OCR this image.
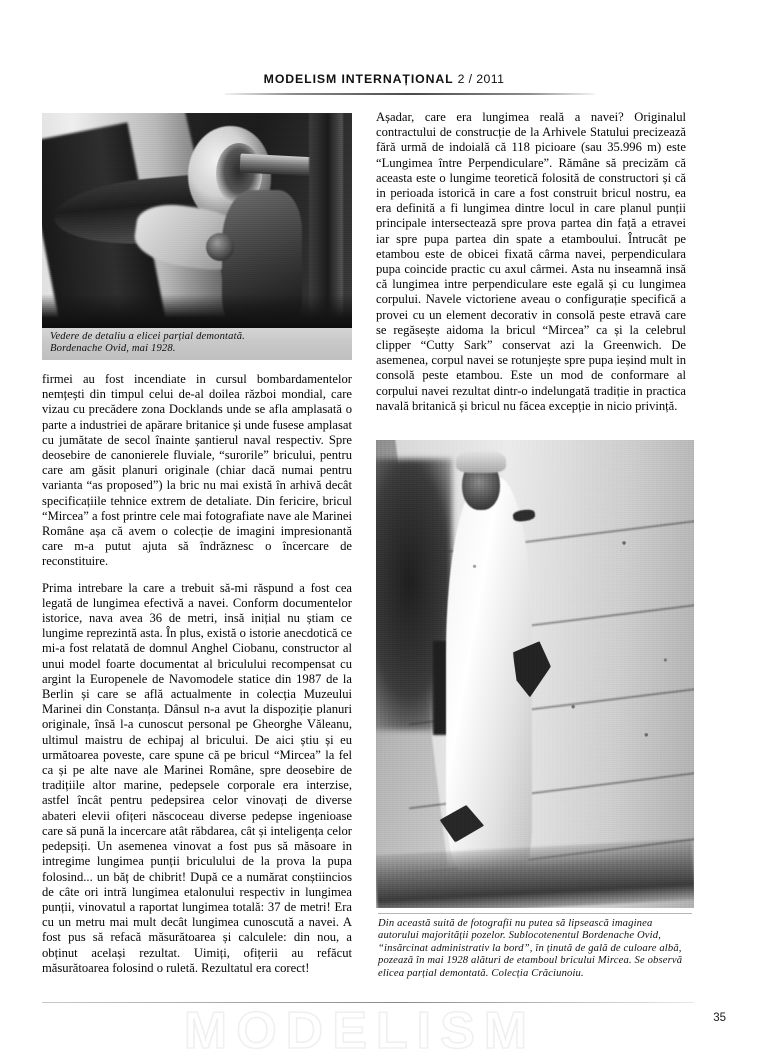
MODELISM INTERNAȚIONAL 2 / 2011
Vedere de detaliu a elicei parțial demontată.
Bordenache Ovid, mai 1928.

firmei au fost incendiate in cursul bombardamentelor nemțești din timpul celui de-al doilea război mondial, care vizau cu precădere zona Docklands unde se afla amplasată o parte a industriei de apărare britanice și unde fusese amplasat cu jumătate de secol înainte șantierul naval respectiv. Spre deosebire de canonierele fluviale, “surorile” bricului, pentru care am găsit planuri originale (chiar dacă numai pentru varianta “as proposed”) la bric nu mai există în arhivă decât specificațiile tehnice extrem de detaliate. Din fericire, bricul “Mircea” a fost printre cele mai fotografiate nave ale Marinei Române așa că avem o colecție de imagini impresionantă care m-a putut ajuta să îndrăznesc o încercare de reconstituire.

Prima intrebare la care a trebuit să-mi răspund a fost cea legată de lungimea efectivă a navei. Conform documentelor istorice, nava avea 36 de metri, insă inițial nu știam ce lungime reprezintă asta. În plus, există o istorie anecdotică ce mi-a fost relatată de domnul Anghel Ciobanu, constructor al unui model foarte documentat al briculului recompensat cu argint la Europenele de Navomodele statice din 1987 de la Berlin și care se află actualmente in colecția Muzeului Marinei din Constanța. Dânsul n-a avut la dispoziție planuri originale, însă l-a cunoscut personal pe Gheorghe Văleanu, ultimul maistru de echipaj al bricului. De aici știu și eu următoarea poveste, care spune că pe bricul “Mircea” la fel ca și pe alte nave ale Marinei Române, spre deosebire de tradițiile altor marine, pedepsele corporale era interzise, astfel încât pentru pedepsirea celor vinovați de diverse abateri elevii ofițeri născoceau diverse pedepse ingenioase care să pună la incercare atât răbdarea, cât și inteligența celor pedepsiți. Un asemenea vinovat a fost pus să măsoare in intregime lungimea punții briculului de la prova la pupa folosind... un băț de chibrit! După ce a numărat conștiincios de câte ori intră lungimea etalonului respectiv in lungimea punții, vinovatul a raportat lungimea totală: 37 de metri! Era cu un metru mai mult decât lungimea cunoscută a navei. A fost pus să refacă măsurătoarea și calculele: din nou, a obținut același rezultat. Uimiți, ofițerii au refăcut măsurătoarea folosind o ruletă. Rezultatul era corect!

Așadar, care era lungimea reală a navei? Originalul contractului de construcție de la Arhivele Statului precizează fără urmă de indoială că 118 picioare (sau 35.996 m) este “Lungimea între Perpendiculare”. Rămâne să precizăm că aceasta este o lungime teoretică folosită de constructori și că in perioada istorică in care a fost construit bricul nostru, ea era definită a fi lungimea dintre locul in care planul punții principale intersectează spre prova partea din față a etravei iar spre pupa partea din spate a etamboului. Întrucât pe etambou este de obicei fixată cârma navei, perpendiculara pupa coincide practic cu axul cârmei. Asta nu inseamnă insă că lungimea intre perpendiculare este egală și cu lungimea corpului. Navele victoriene aveau o configurație specifică a provei cu un element decorativ in consolă peste etravă care se regăsește aidoma la bricul “Mircea” ca și la celebrul clipper “Cutty Sark” conservat azi la Greenwich. De asemenea, corpul navei se rotunjește spre pupa ieșind mult in consolă peste etambou. Este un mod de conformare al corpului navei rezultat dintr-o indelungată tradiție in practica navală britanică și bricul nu făcea excepție in nicio privință.

Din această suită de fotografii nu putea să lipsească imaginea autorului majorității pozelor. Sublocotenentul Bordenache Ovid, “insărcinat administrativ la bord”, în ținută de gală de culoare albă, pozează în mai 1928 alături de etamboul bricului Mircea. Se observă elicea parțial demontată. Colecția Crăciunoiu.
MODELISM	35
